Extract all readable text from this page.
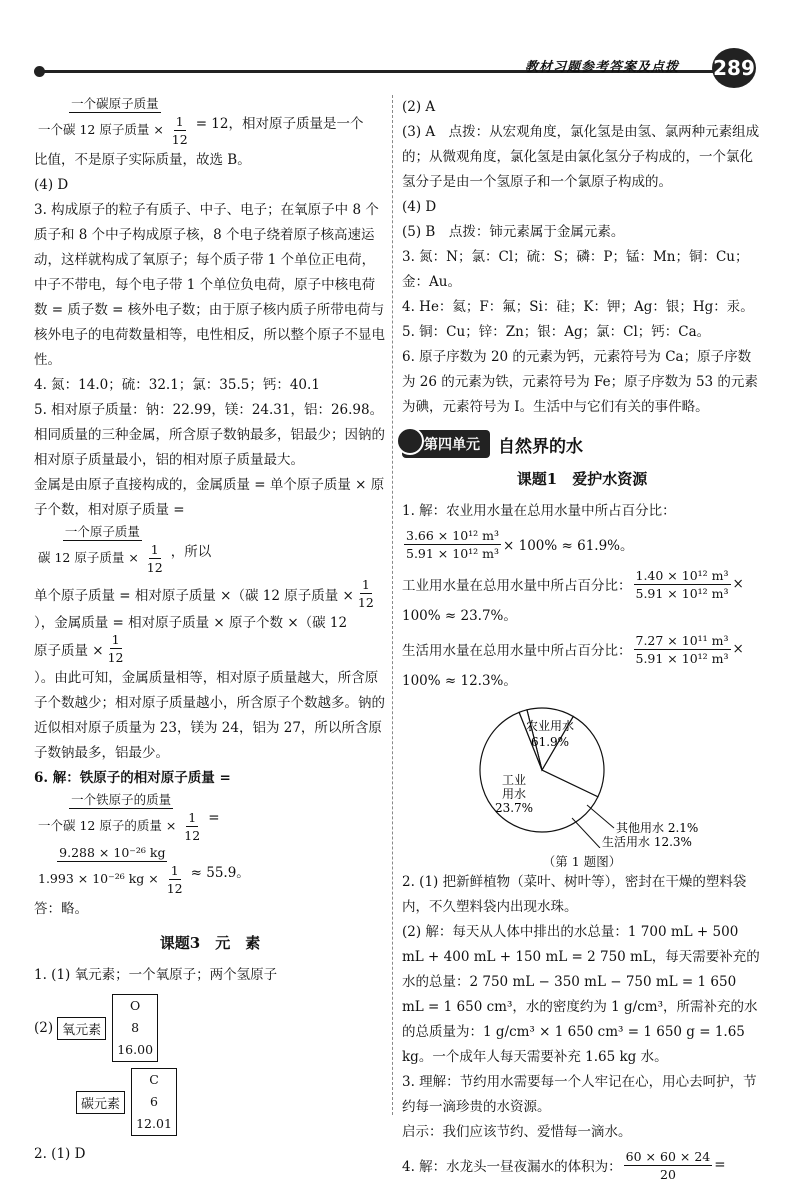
教材习题参考答案及点拨 289
$\frac{\text{一个碳原子质量}}{一个碳 12 原子质量 \times \frac{1}{12}} = 12$，相对原子质量是一个

比值，不是原子实际质量，故选 B。

(4) D

3. 构成原子的粒子有质子、中子、电子；在氧原子中 8 个质子和 8 个中子构成原子核，8 个电子绕着原子核高速运动，这样就构成了氧原子；每个质子带 1 个单位正电荷，中子不带电，每个电子带 1 个单位负电荷，原子中核电荷数 = 质子数 = 核外电子数；由于原子核内质子所带电荷与核外电子的电荷数量相等，电性相反，所以整个原子不显电性。

4. 氮：14.0；硫：32.1；氯：35.5；钙：40.1

5. 相对原子质量：钠：22.99，镁：24.31，铝：26.98。相同质量的三种金属，所含原子数钠最多，铝最少；因钠的相对原子质量最小，铝的相对原子质量最大。

金属是由原子直接构成的，金属质量 = 单个原子质量 × 原子个数，相对原子质量 =
$\frac{\text{一个原子质量}}{碳 12 原子质量 \times \frac{1}{12}}$ ，所以
单个原子质量 = 相对原子质量 ×（碳 12 原子质量 × $\frac{1}{12}$
），金属质量 = 相对原子质量 × 原子个数 ×（碳 12
原子质量 × $\frac{1}{12}$
）。由此可知，金属质量相等，相对原子质量越大，所含原子个数越少；相对原子质量越小，所含原子个数越多。钠的近似相对原子质量为 23，镁为 24，铝为 27，所以所含原子数钠最多，铝最少。

6. 解：铁原子的相对原子质量 =

$\frac{\text{一个铁原子的质量}}{一个碳 12 原子的质量 \times \frac{1}{12}}$ =
$\frac{\text{9.288 × 10⁻²⁶ kg}}{1.993 \times 10^{-26} kg \times \frac{1}{12}} \approx 55.9$。

答：略。

课题3　元　素

1. (1) 氧元素；一个氧原子；两个氢原子

(2) 氧元素
O
8
16.00
碳元素
C
6
12.01

2. (1) D

(2) A

(3) A　点拨：从宏观角度，氯化氢是由氢、氯两种元素组成的；从微观角度，氯化氢是由氯化氢分子构成的，一个氯化氢分子是由一个氢原子和一个氯原子构成的。

(4) D

(5) B　点拨：铈元素属于金属元素。

3. 氮：N；氯：Cl；硫：S；磷：P；锰：Mn；铜：Cu；金：Au。

4. He：氦；F：氟；Si：硅；K：钾；Ag：银；Hg：汞。

5. 铜：Cu；锌：Zn；银：Ag；氯：Cl；钙：Ca。

6. 原子序数为 20 的元素为钙，元素符号为 Ca；原子序数为 26 的元素为铁，元素符号为 Fe；原子序数为 53 的元素为碘，元素符号为 I。生活中与它们有关的事件略。

第四单元	自然界的水
课题1　爱护水资源

1. 解：农业用水量在总用水量中所占百分比：

$\frac{\text{3.66 × 10¹² m³}}{\text{5.91 × 10¹² m³}} \times 100\% \approx 61.9\%$。
工业用水量在总用水量中所占百分比： $\frac{\text{1.40 × 10¹² m³}}{\text{5.91 × 10¹² m³}}$ ×

100% ≈ 23.7%。

生活用水量在总用水量中所占百分比： $\frac{\text{7.27 × 10¹¹ m³}}{\text{5.91 × 10¹² m³}}$ ×

100% ≈ 12.3%。

农业用水
61.9%
工业
用水
23.7%
其他用水 2.1%
生活用水 12.3%
（第 1 题图）

2. (1) 把新鲜植物（菜叶、树叶等），密封在干燥的塑料袋内，不久塑料袋内出现水珠。

(2) 解：每天从人体中排出的水总量：1 700 mL + 500 mL + 400 mL + 150 mL = 2 750 mL，每天需要补充的水的总量：2 750 mL − 350 mL − 750 mL = 1 650 mL = 1 650 cm³，水的密度约为 1 g/cm³，所需补充的水的总质量为：1 g/cm³ × 1 650 cm³ = 1 650 g = 1.65 kg。一个成年人每天需要补充 1.65 kg 水。

3. 理解：节约用水需要每一个人牢记在心，用心去呵护，节约每一滴珍贵的水资源。

启示：我们应该节约、爱惜每一滴水。

4. 解：水龙头一昼夜漏水的体积为： $\frac{60 \times 60 \times 24}{20}$ =
